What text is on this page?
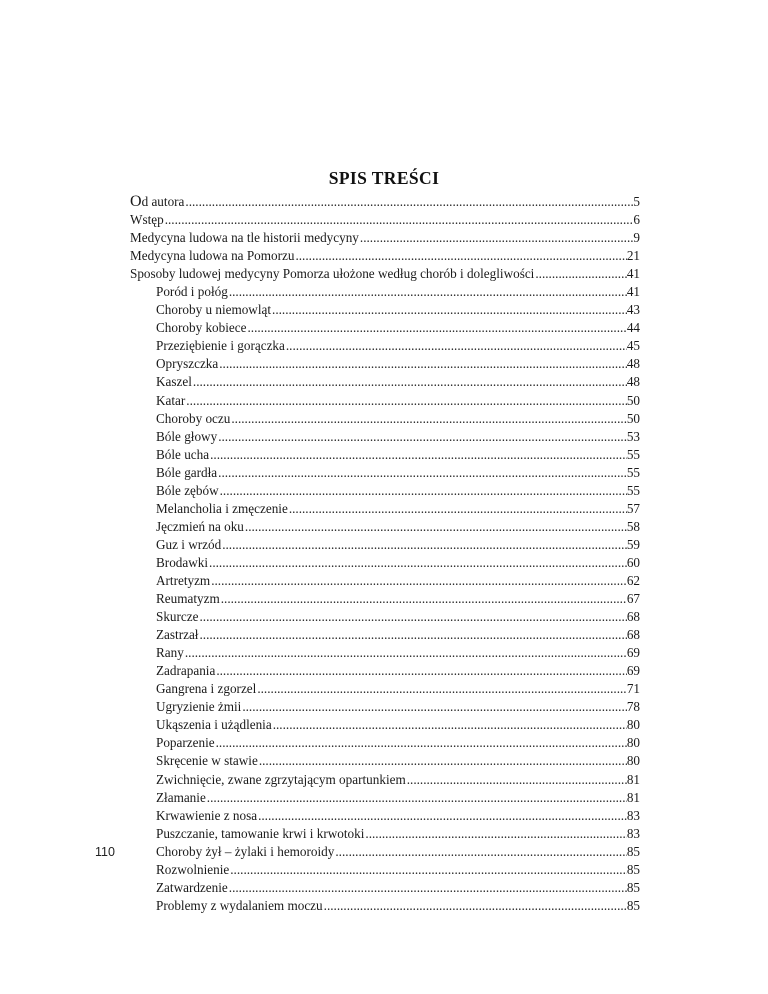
SPIS TREŚCI
Od autora .....	5
Wstęp .....	6
Medycyna ludowa na tle historii medycyny .....	9
Medycyna ludowa na Pomorzu .....	21
Sposoby ludowej medycyny Pomorza ułożone według chorób i dolegliwości .....	41
Poród i połóg .....	41
Choroby u niemowląt .....	43
Choroby kobiece .....	44
Przeziębienie i gorączka .....	45
Opryszczka .....	48
Kaszel .....	48
Katar .....	50
Choroby oczu .....	50
Bóle głowy .....	53
Bóle ucha .....	55
Bóle gardła .....	55
Bóle zębów .....	55
Melancholia i zmęczenie .....	57
Jęczmień na oku .....	58
Guz i wrzód .....	59
Brodawki .....	60
Artretyzm .....	62
Reumatyzm .....	67
Skurcze .....	68
Zastrzał .....	68
Rany .....	69
Zadrapania .....	69
Gangrena i zgorzel .....	71
Ugryzienie żmii .....	78
Ukąszenia i użądlenia .....	80
Poparzenie .....	80
Skręcenie w stawie .....	80
Zwichnięcie, zwane zgrzytającym opartunkiem .....	81
Złamanie .....	81
Krwawienie z nosa .....	83
Puszczanie, tamowanie krwi i krwotoki .....	83
Choroby żył – żylaki i hemoroidy .....	85
Rozwolnienie .....	85
Zatwardzenie .....	85
Problemy z wydalaniem moczu .....	85
110
